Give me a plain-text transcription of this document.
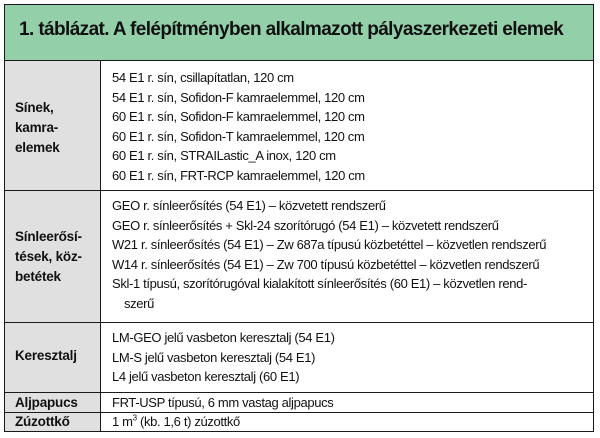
1. táblázat. A felépítményben alkalmazott pályaszerkezeti elemek
Sínek,
kamra-
elemek
54 E1 r. sín, csillapítatlan, 120 cm
54 E1 r. sín, Sofidon-F kamraelemmel, 120 cm
60 E1 r. sín, Sofidon-F kamraelemmel, 120 cm
60 E1 r. sín, Sofidon-T kamraelemmel, 120 cm
60 E1 r. sín, STRAILastic_A inox, 120 cm
60 E1 r. sín, FRT-RCP kamraelemmel, 120 cm
Sínleerősí-
tések, köz-
betétek
GEO r. sínleerősítés (54 E1) – közvetett rendszerű
GEO r. sínleerősítés + Skl-24 szorítórugó (54 E1) – közvetett rendszerű
W21 r. sínleerősítés (54 E1) – Zw 687a típusú közbetéttel – közvetlen rendszerű
W14 r. sínleerősítés (54 E1) – Zw 700 típusú közbetéttel – közvetlen rendszerű
Skl-1 típusú, szorítórugóval kialakított sínleerősítés (60 E1) – közvetlen rend-
szerű
Keresztalj
LM-GEO jelű vasbeton keresztalj (54 E1)
LM-S jelű vasbeton keresztalj (54 E1)
L4 jelű vasbeton keresztalj (60 E1)
Aljpapucs	FRT-USP típusú, 6 mm vastag aljpapucs
Zúzottkő	1 $m^3$ (kb. 1,6 t) zúzottkő
